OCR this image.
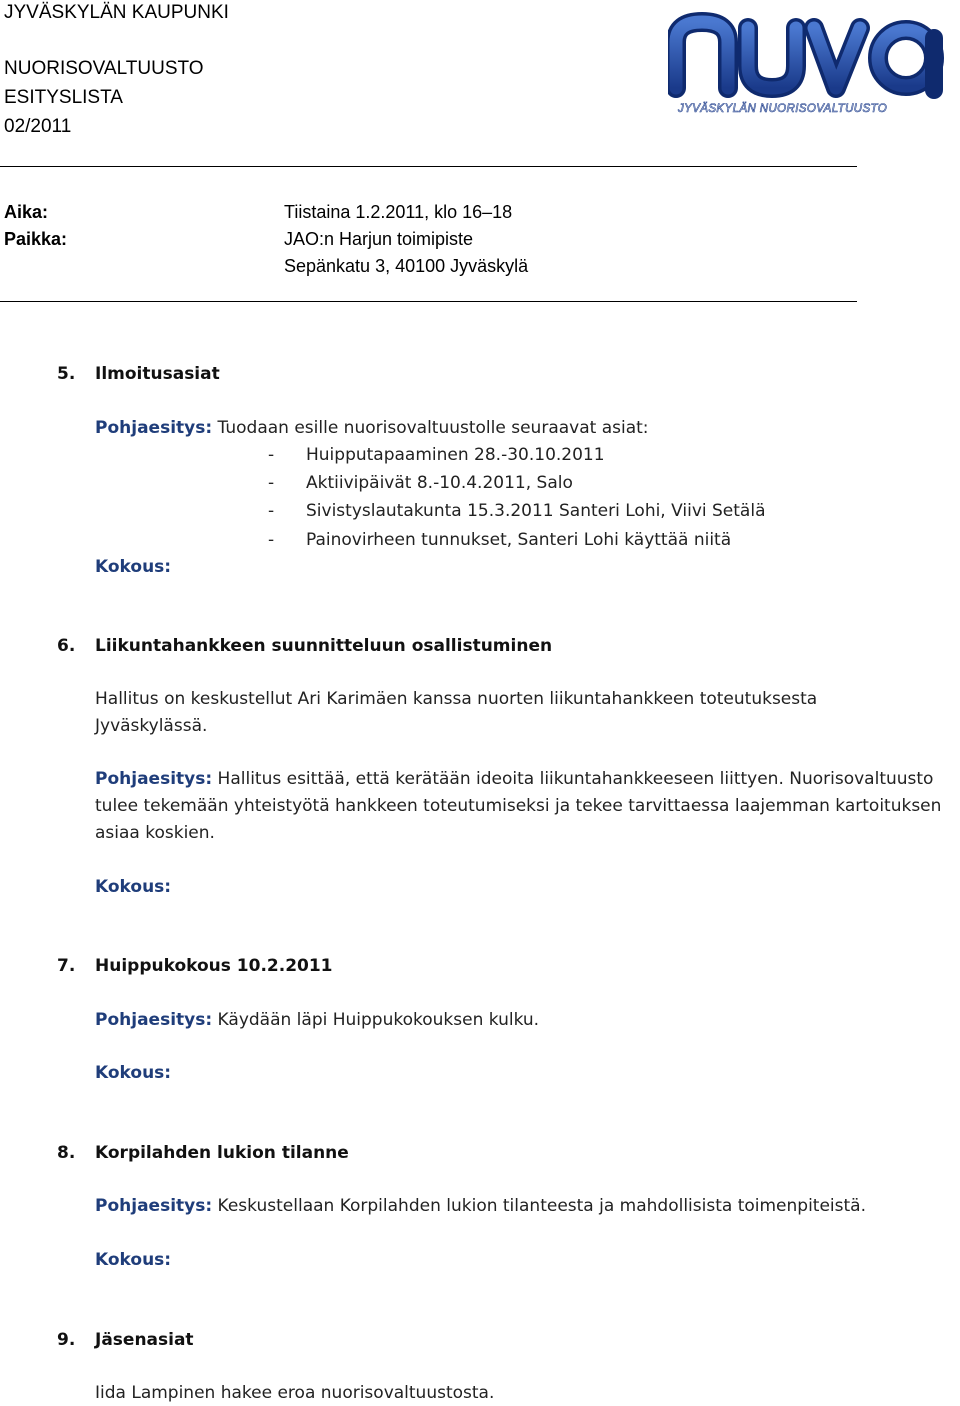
JYVÄSKYLÄN KAUPUNKI
NUORISOVALTUUSTO
ESITYSLISTA
02/2011
JYVÄSKYLÄN NUORISOVALTUUSTO
Aika:	Tiistaina 1.2.2011, klo 16–18
Paikka:	JAO:n Harjun toimipiste
Sepänkatu 3, 40100 Jyväskylä
5. Ilmoitusasiat
Pohjaesitys: Tuodaan esille nuorisovaltuustolle seuraavat asiat:
- Huipputapaaminen 28.-30.10.2011
- Aktiivipäivät 8.-10.4.2011, Salo
- Sivistyslautakunta 15.3.2011 Santeri Lohi, Viivi Setälä
- Painovirheen tunnukset, Santeri Lohi käyttää niitä
Kokous:
6. Liikuntahankkeen suunnitteluun osallistuminen
Hallitus on keskustellut Ari Karimäen kanssa nuorten liikuntahankkeen toteutuksesta Jyväskylässä.
Pohjaesitys: Hallitus esittää, että kerätään ideoita liikuntahankkeeseen liittyen. Nuorisovaltuusto tulee tekemään yhteistyötä hankkeen toteutumiseksi ja tekee tarvittaessa laajemman kartoituksen asiaa koskien.
Kokous:
7. Huippukokous 10.2.2011
Pohjaesitys: Käydään läpi Huippukokouksen kulku.
Kokous:
8. Korpilahden lukion tilanne
Pohjaesitys: Keskustellaan Korpilahden lukion tilanteesta ja mahdollisista toimenpiteistä.
Kokous:
9. Jäsenasiat
Iida Lampinen hakee eroa nuorisovaltuustosta.
